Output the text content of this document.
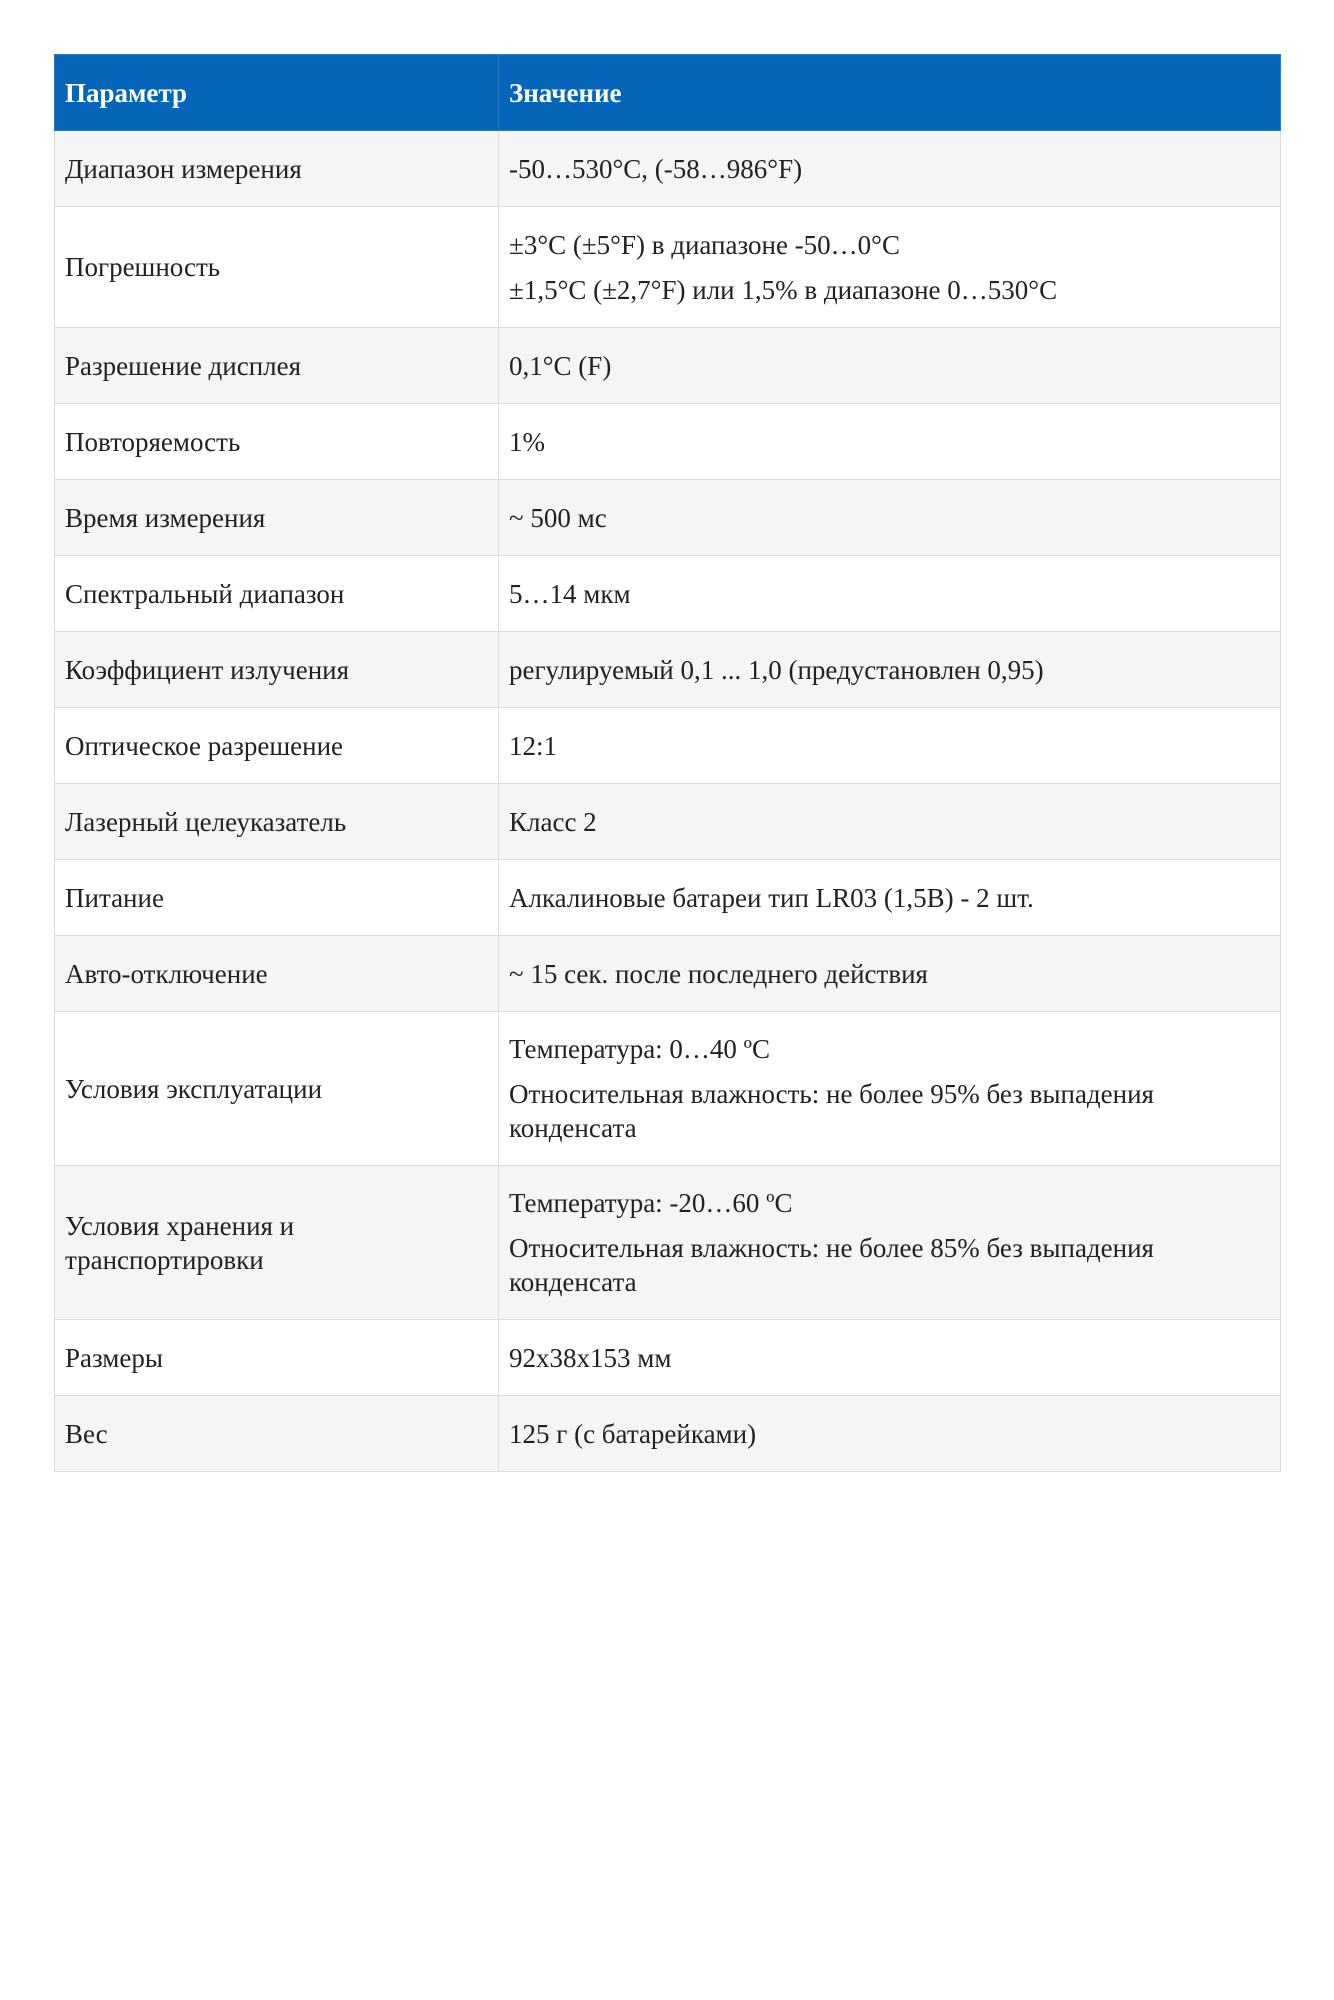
Параметр	Значение
Диапазон измерения	-50…530°C, (-58…986°F)

Погрешность	±3°C (±5°F) в диапазоне -50…0°C
±1,5°C (±2,7°F) или 1,5% в диапазоне 0…530°C

Разрешение дисплея	0,1°C (F)

Повторяемость	1%

Время измерения	~ 500 мс

Спектральный диапазон	5…14 мкм

Коэффициент излучения	регулируемый 0,1 ... 1,0 (предустановлен 0,95)

Оптическое разрешение	12:1

Лазерный целеуказатель	Класс 2

Питание	Алкалиновые батареи тип LR03 (1,5В) - 2 шт.

Авто-отключение	~ 15 сек. после последнего действия

Условия эксплуатации	Температура: 0…40 ºC
Относительная влажность: не более 95% без выпадения конденсата

Условия хранения и транспортировки	Температура: -20…60 ºC
Относительная влажность: не более 85% без выпадения конденсата

Размеры	92x38x153 мм

Вес	125 г (с батарейками)
